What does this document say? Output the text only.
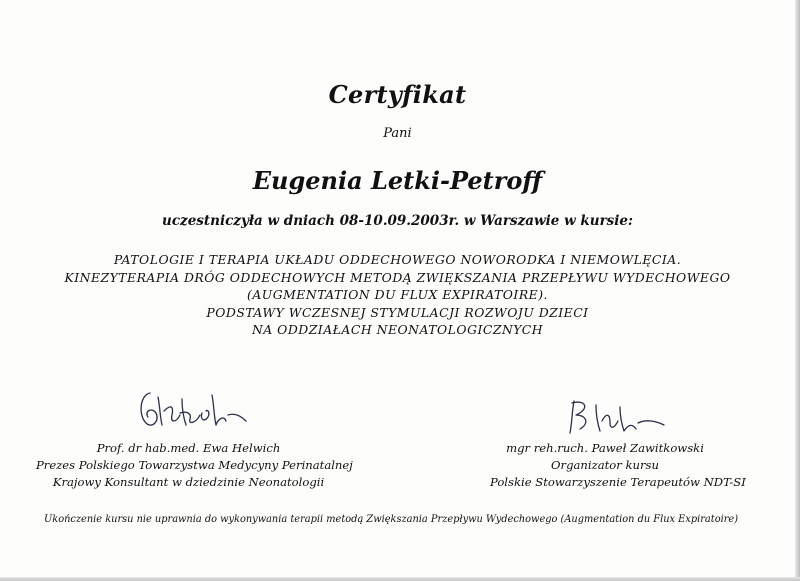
Certyfikat
Pani
Eugenia Letki-Petroff
uczestniczyła w dniach 08-10.09.2003r. w Warszawie w kursie:
PATOLOGIE I TERAPIA UKŁADU ODDECHOWEGO NOWORODKA I NIEMOWLĘCIA.
KINEZYTERAPIA DRÓG ODDECHOWYCH METODĄ ZWIĘKSZANIA PRZEPŁYWU WYDECHOWEGO
(AUGMENTATION DU FLUX EXPIRATOIRE).
PODSTAWY WCZESNEJ STYMULACJI ROZWOJU DZIECI
NA ODDZIAŁACH NEONATOLOGICZNYCH
Prof. dr hab.med. Ewa Helwich
Prezes Polskiego Towarzystwa Medycyny Perinatalnej
Krajowy Konsultant w dziedzinie Neonatologii
mgr reh.ruch. Paweł Zawitkowski
Organizator kursu
Polskie Stowarzyszenie Terapeutów NDT-SI
Ukończenie kursu nie uprawnia do wykonywania terapii metodą Zwiększania Przepływu Wydechowego (Augmentation du Flux Expiratoire)
